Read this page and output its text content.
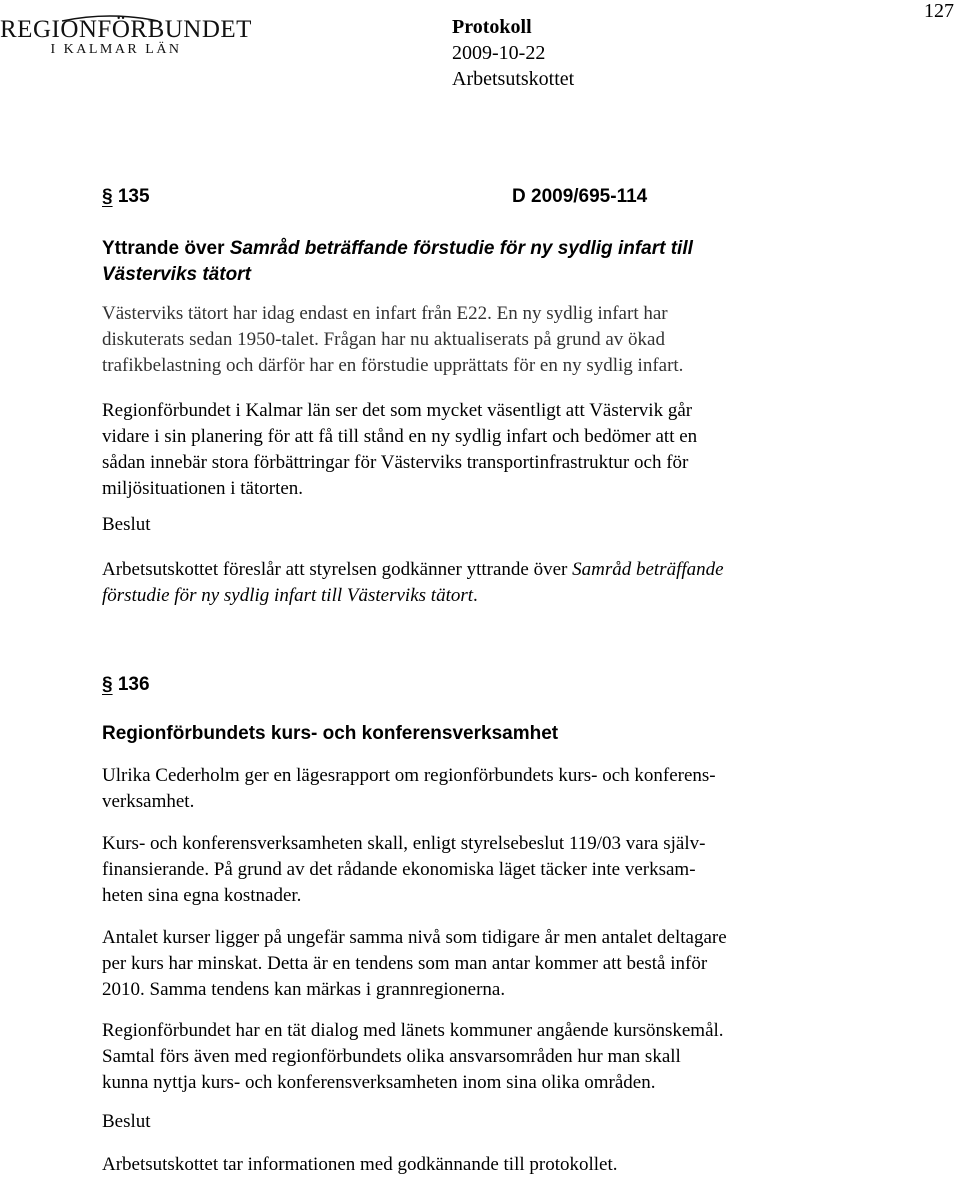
127
REGIONFÖRBUNDET
I KALMAR LÄN
Protokoll
2009-10-22
Arbetsutskottet
§ 135	D 2009/695-114
Yttrande över Samråd beträffande förstudie för ny sydlig infart till
Västerviks tätort
Västerviks tätort har idag endast en infart från E22. En ny sydlig infart har
diskuterats sedan 1950-talet. Frågan har nu aktualiserats på grund av ökad
trafikbelastning och därför har en förstudie upprättats för en ny sydlig infart.
Regionförbundet i Kalmar län ser det som mycket väsentligt att Västervik går
vidare i sin planering för att få till stånd en ny sydlig infart och bedömer att en
sådan innebär stora förbättringar för Västerviks transportinfrastruktur och för
miljösituationen i tätorten.
Beslut
Arbetsutskottet föreslår att styrelsen godkänner yttrande över Samråd beträffande
förstudie för ny sydlig infart till Västerviks tätort.
§ 136
Regionförbundets kurs- och konferensverksamhet
Ulrika Cederholm ger en lägesrapport om regionförbundets kurs- och konferens-
verksamhet.
Kurs- och konferensverksamheten skall, enligt styrelsebeslut 119/03 vara själv-
finansierande. På grund av det rådande ekonomiska läget täcker inte verksam-
heten sina egna kostnader.
Antalet kurser ligger på ungefär samma nivå som tidigare år men antalet deltagare
per kurs har minskat. Detta är en tendens som man antar kommer att bestå inför
2010. Samma tendens kan märkas i grannregionerna.
Regionförbundet har en tät dialog med länets kommuner angående kursönskemål.
Samtal förs även med regionförbundets olika ansvarsområden hur man skall
kunna nyttja kurs- och konferensverksamheten inom sina olika områden.
Beslut
Arbetsutskottet tar informationen med godkännande till protokollet.
